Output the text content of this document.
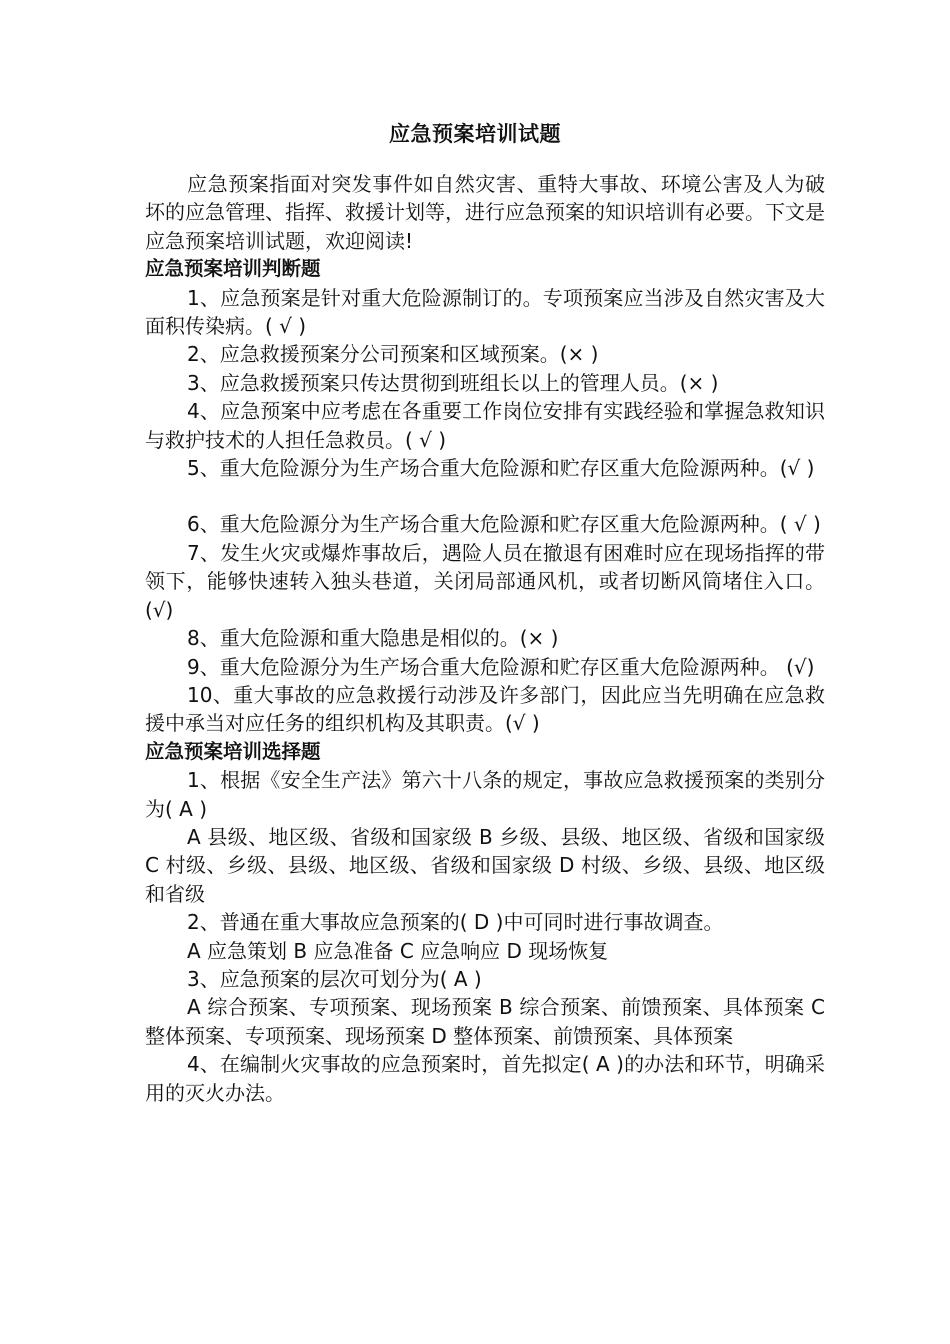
应急预案培训试题

应急预案指面对突发事件如自然灾害、重特大事故、环境公害及人为破坏的应急管理、指挥、救援计划等，进行应急预案的知识培训有必要。下文是应急预案培训试题，欢迎阅读!

应急预案培训判断题

1、应急预案是针对重大危险源制订的。专项预案应当涉及自然灾害及大面积传染病。( √ )

2、应急救援预案分公司预案和区域预案。(× )

3、应急救援预案只传达贯彻到班组长以上的管理人员。(× )

4、应急预案中应考虑在各重要工作岗位安排有实践经验和掌握急救知识与救护技术的人担任急救员。( √ )

5、重大危险源分为生产场合重大危险源和贮存区重大危险源两种。(√ )

6、重大危险源分为生产场合重大危险源和贮存区重大危险源两种。( √ )

7、发生火灾或爆炸事故后，遇险人员在撤退有困难时应在现场指挥的带领下，能够快速转入独头巷道，关闭局部通风机，或者切断风筒堵住入口。 (√)

8、重大危险源和重大隐患是相似的。(× )

9、重大危险源分为生产场合重大危险源和贮存区重大危险源两种。 (√)

10、重大事故的应急救援行动涉及许多部门，因此应当先明确在应急救援中承当对应任务的组织机构及其职责。(√ )

应急预案培训选择题

1、根据《安全生产法》第六十八条的规定，事故应急救援预案的类别分为( A )

A 县级、地区级、省级和国家级 B 乡级、县级、地区级、省级和国家级 C 村级、乡级、县级、地区级、省级和国家级 D 村级、乡级、县级、地区级和省级

2、普通在重大事故应急预案的( D )中可同时进行事故调查。

A 应急策划 B 应急准备 C 应急响应 D 现场恢复

3、应急预案的层次可划分为( A )

A 综合预案、专项预案、现场预案 B 综合预案、前馈预案、具体预案 C 整体预案、专项预案、现场预案 D 整体预案、前馈预案、具体预案

4、在编制火灾事故的应急预案时，首先拟定( A )的办法和环节，明确采用的灭火办法。
